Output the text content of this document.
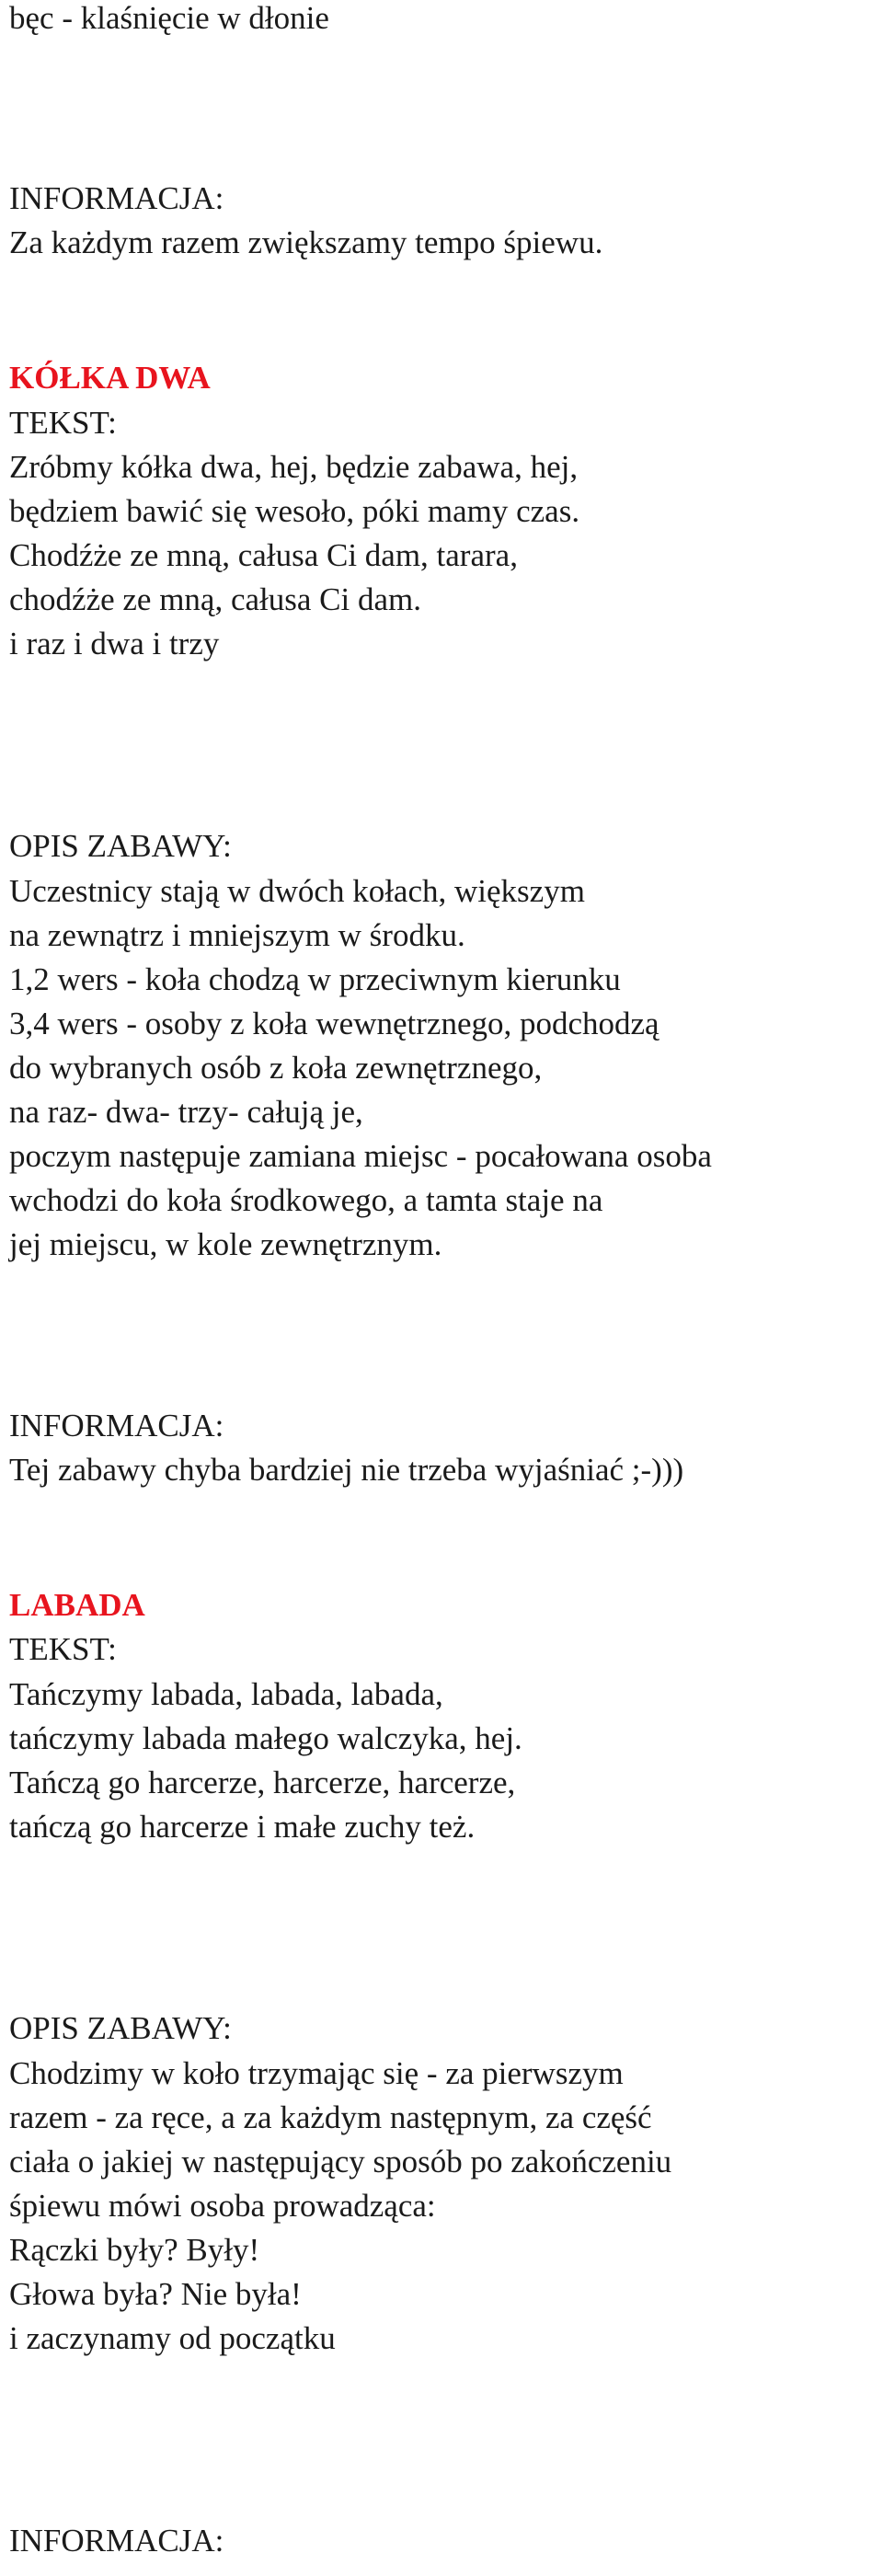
bęc - klaśnięcie w dłonie

INFORMACJA:

Za każdym razem zwiększamy tempo śpiewu.

KÓŁKA DWA

TEKST:

Zróbmy kółka dwa, hej, będzie zabawa, hej,

będziem bawić się wesoło, póki mamy czas.

Chodźże ze mną, całusa Ci dam, tarara,

chodźże ze mną, całusa Ci dam.

i raz i dwa i trzy

OPIS ZABAWY:

Uczestnicy stają w dwóch kołach, większym

na zewnątrz i mniejszym w środku.

1,2 wers - koła chodzą w przeciwnym kierunku

3,4 wers - osoby z koła wewnętrznego, podchodzą

do wybranych osób z koła zewnętrznego,

na raz- dwa- trzy- całują je,

poczym następuje zamiana miejsc - pocałowana osoba

wchodzi do koła środkowego, a tamta staje na

jej miejscu, w kole zewnętrznym.

INFORMACJA:

Tej zabawy chyba bardziej nie trzeba wyjaśniać ;-)))

LABADA

TEKST:

Tańczymy labada, labada, labada,

tańczymy labada małego walczyka, hej.

Tańczą go harcerze, harcerze, harcerze,

tańczą go harcerze i małe zuchy też.

OPIS ZABAWY:

Chodzimy w koło trzymając się - za pierwszym

razem - za ręce, a za każdym następnym, za część

ciała o jakiej w następujący sposób po zakończeniu

śpiewu mówi osoba prowadząca:

Rączki były? Były!

Głowa była? Nie była!

i zaczynamy od początku

INFORMACJA:
